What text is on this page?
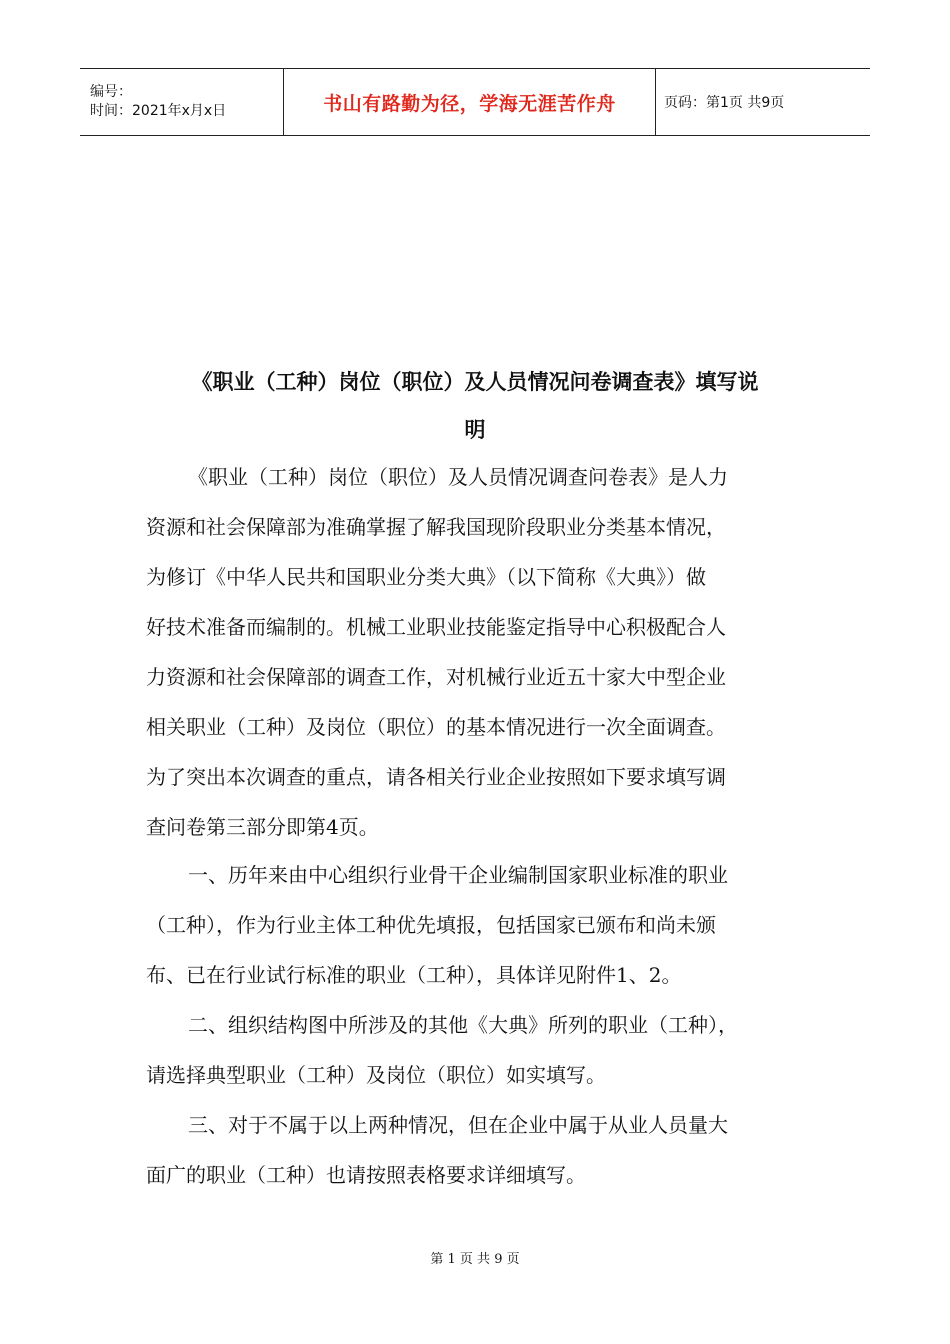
编号：
时间：2021年x月x日	书山有路勤为径，学海无涯苦作舟	页码：第1页 共9页
《职业（工种）岗位（职位）及人员情况问卷调查表》填写说
明
《职业（工种）岗位（职位）及人员情况调查问卷表》是人力
资源和社会保障部为准确掌握了解我国现阶段职业分类基本情况，
为修订《中华人民共和国职业分类大典》（以下简称《大典》）做
好技术准备而编制的。机械工业职业技能鉴定指导中心积极配合人
力资源和社会保障部的调查工作，对机械行业近五十家大中型企业
相关职业（工种）及岗位（职位）的基本情况进行一次全面调查。
为了突出本次调查的重点，请各相关行业企业按照如下要求填写调
查问卷第三部分即第4页。
一、历年来由中心组织行业骨干企业编制国家职业标准的职业
（工种），作为行业主体工种优先填报，包括国家已颁布和尚未颁
布、已在行业试行标准的职业（工种），具体详见附件1、2。
二、组织结构图中所涉及的其他《大典》所列的职业（工种），
请选择典型职业（工种）及岗位（职位）如实填写。
三、对于不属于以上两种情况，但在企业中属于从业人员量大
面广的职业（工种）也请按照表格要求详细填写。
第 1 页 共 9 页
